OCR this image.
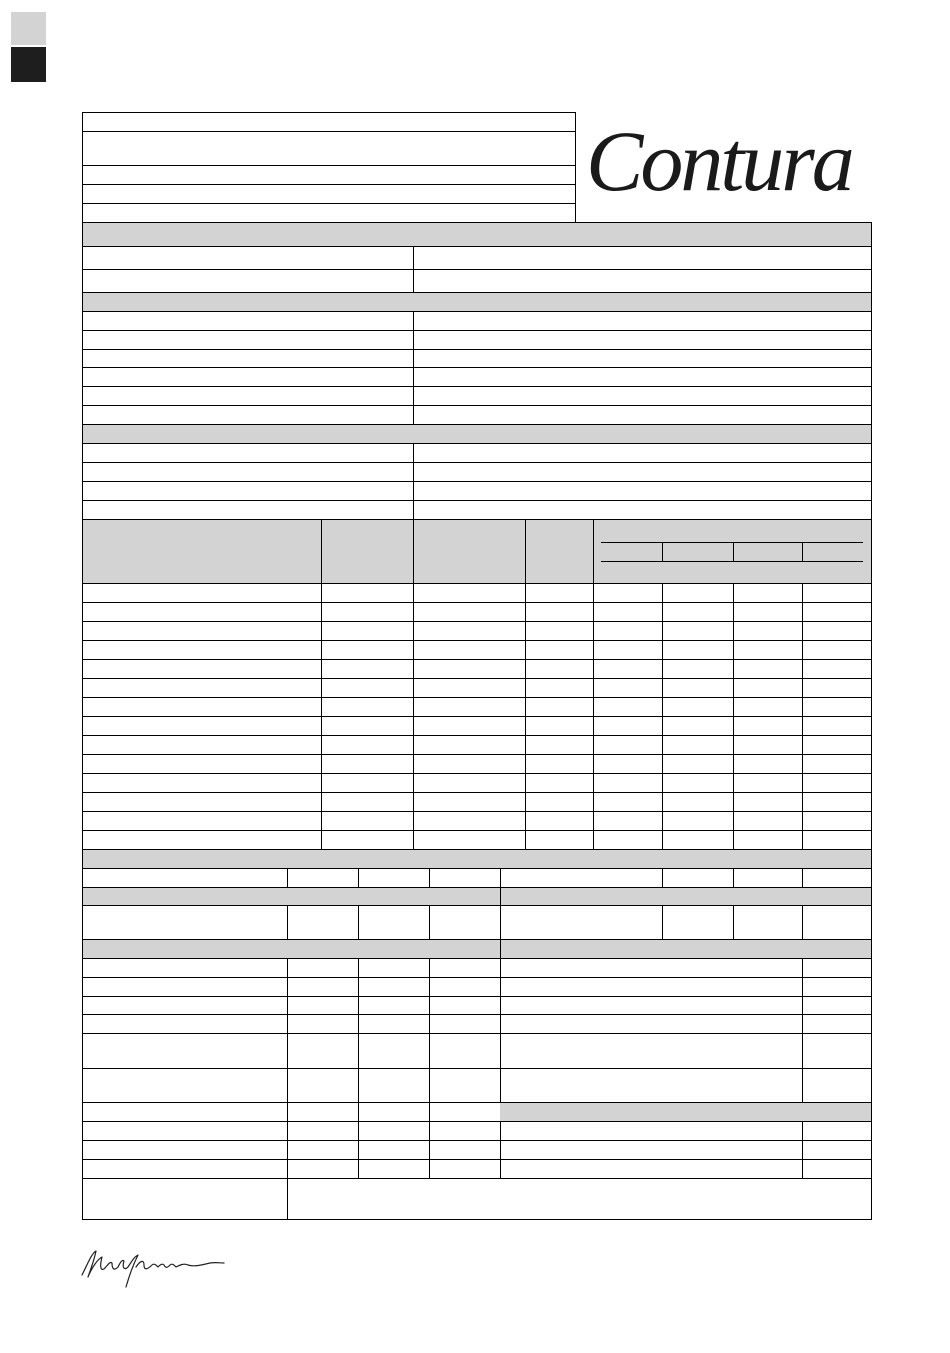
Contura
